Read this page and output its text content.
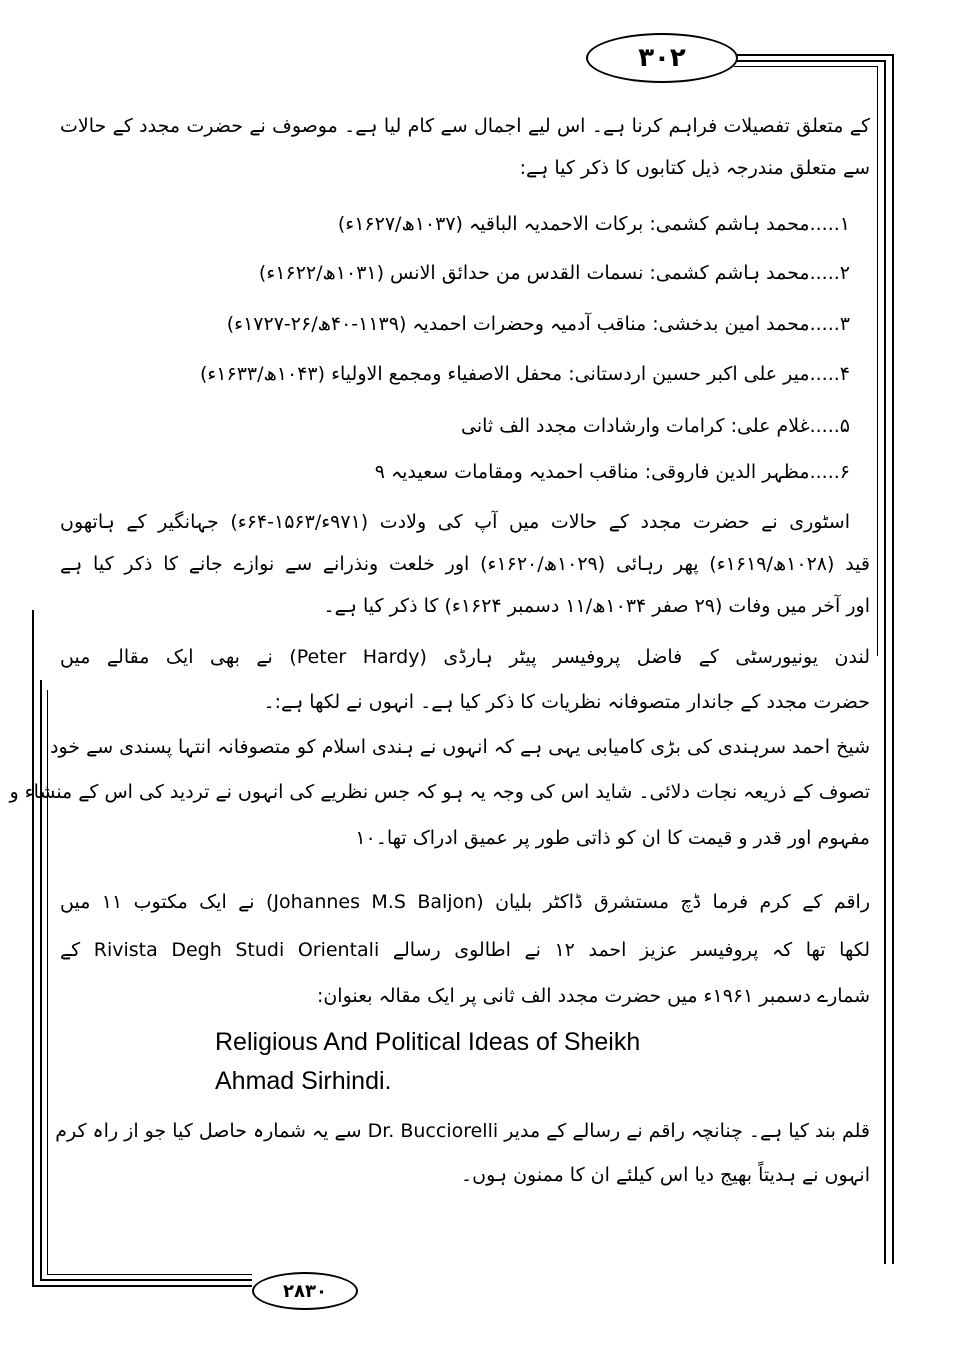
۳۰۲
۲۸۳۰
کے متعلق تفصیلات فراہم کرنا ہے۔ اس لیے اجمال سے کام لیا ہے۔ موصوف نے حضرت مجدد کے حالات
سے متعلق مندرجہ ذیل کتابوں کا ذکر کیا ہے:
۱.....محمد ہاشم کشمی: برکات الاحمدیہ الباقیہ (۱۰۳۷ھ/۱۶۲۷ء)
۲.....محمد ہاشم کشمی: نسمات القدس من حدائق الانس (۱۰۳۱ھ/۱۶۲۲ء)
۳.....محمد امین بدخشی: مناقب آدمیہ وحضرات احمدیہ (۱۱۳۹-۴۰ھ/۲۶-۱۷۲۷ء)
۴.....میر علی اکبر حسین اردستانی: محفل الاصفیاء ومجمع الاولیاء (۱۰۴۳ھ/۱۶۳۳ء)
۵.....غلام علی: کرامات وارشادات مجدد الف ثانی
۶.....مظہر الدین فاروقی: مناقب احمدیہ ومقامات سعیدیہ ۹
اسٹوری نے حضرت مجدد کے حالات میں آپ کی ولادت (۹۷۱ء/۱۵۶۳-۶۴ء) جہانگیر کے ہاتھوں
قید (۱۰۲۸ھ/۱۶۱۹ء) پھر رہائی (۱۰۲۹ھ/۱۶۲۰ء) اور خلعت ونذرانے سے نوازے جانے کا ذکر کیا ہے
اور آخر میں وفات (۲۹ صفر ۱۰۳۴ھ/۱۱ دسمبر ۱۶۲۴ء) کا ذکر کیا ہے۔
لندن یونیورسٹی کے فاضل پروفیسر پیٹر ہارڈی (Peter Hardy) نے بھی ایک مقالے میں
حضرت مجدد کے جاندار متصوفانہ نظریات کا ذکر کیا ہے۔ انہوں نے لکھا ہے:۔
شیخ احمد سرہندی کی بڑی کامیابی یہی ہے کہ انہوں نے ہندی اسلام کو متصوفانہ انتہا پسندی سے خود
تصوف کے ذریعہ نجات دلائی۔ شاید اس کی وجہ یہ ہو کہ جس نظریے کی انہوں نے تردید کی اس کے منشاء و
مفہوم اور قدر و قیمت کا ان کو ذاتی طور پر عمیق ادراک تھا۔۱۰
راقم کے کرم فرما ڈچ مستشرق ڈاکٹر بلیان (Johannes M.S Baljon) نے ایک مکتوب ۱۱ میں
لکھا تھا کہ پروفیسر عزیز احمد ۱۲ نے اطالوی رسالے Rivista Degh Studi Orientali کے
شمارے دسمبر ۱۹۶۱ء میں حضرت مجدد الف ثانی پر ایک مقالہ بعنوان:
Religious And Political Ideas of Sheikh
Ahmad Sirhindi.
قلم بند کیا ہے۔ چنانچہ راقم نے رسالے کے مدیر Dr. Bucciorelli سے یہ شمارہ حاصل کیا جو از راہ کرم
انہوں نے ہدیتاً بھیج دیا اس کیلئے ان کا ممنون ہوں۔
